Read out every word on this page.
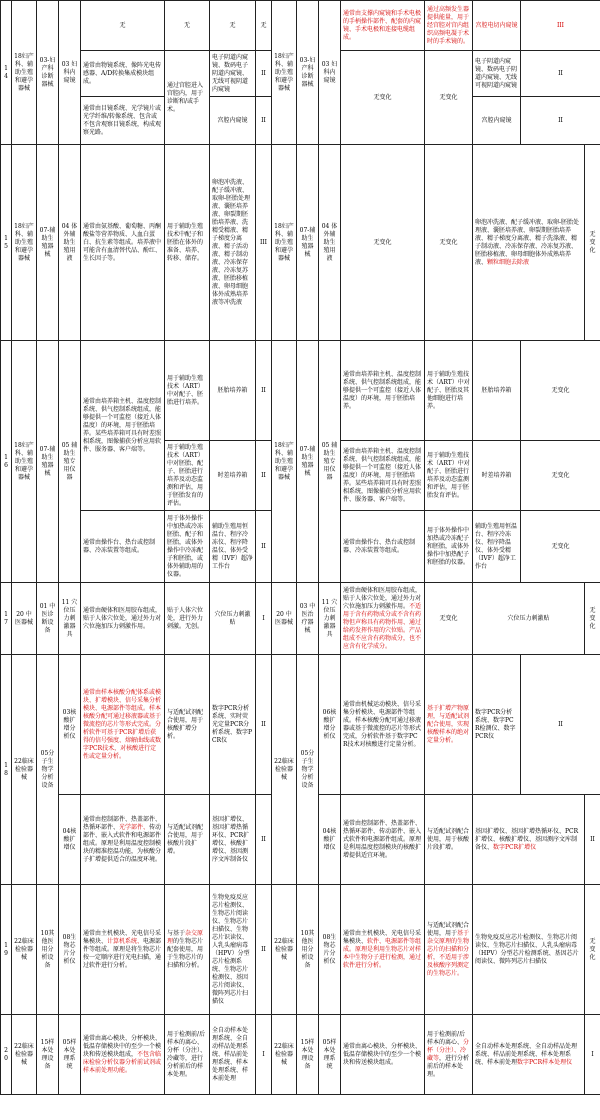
14	18妇产科、辅助生殖和避孕器械	03-妇产科诊断器械	03 妇科内窥镜	无	无	无	无	18妇产科、辅助生殖和避孕器械	03-妇产科诊断器械	03 妇科内窥镜	通常由支撑内窥镜和手术电极的手柄操作部件、配套的内窥镜、手术电极和连接电缆组成。	通过高频发生器提供能量，用于经宫腔对宫内组织高频电凝于术时的手术镜的。	宫腔电切内窥镜	III	
				通常由物镜系统、像阵光电传感器、A/D转换集成模块组成。	通过宫腔进入宫腔内，用于诊断和/或手术。	电子阴道内窥镜、数码电子阴道内窥镜、无线可视阴道内窥镜	II				无变化	无变化	电子阴道内窥镜、数码电子阴道内窥镜、无线可视阴道内窥镜	II	
				通常由目镜系统、光学镜片或光学纤维/转像系统、包含或不包含观察目镜系统，构成观察光路。		宫腔内窥镜	II						宫腔内窥镜	II	
15	18妇产科、辅助生殖和避孕器械	07-辅助生殖器械	04 体外辅助生殖用液	通常由氨基酸、葡萄糖、丙酮酸盐等营养物质、人血白蛋白、抗生素等组成。培养液中可能含有血清替代品、酚红、生长因子等。	用于辅助生殖技术中配子和胚胎在体外的准备、培养、转移、储存。	卵泡冲洗液、配子缓冲液、取卵-胚胎处理液、囊胚培养液、卵裂期胚胎培养液、洗精受精液、精子梯度分离液、精子活动液、精子制动液、冷冻保存液、冷冻复苏液、胚胎移植液、卵母细胞体外成熟培养液等冲洗液	III	18妇产科、辅助生殖和避孕器械	07-辅助生殖器械	04 体外辅助生殖用液	无变化	无变化	卵泡冲洗液、配子缓冲液、取卵-胚胎处理液、囊胚培养液、卵裂期胚胎培养液、精子梯度分离液、精子洗涤液、精子制动液、冷冻保存液、冷冻复苏液、胚胎移植液、卵母细胞体外成熟培养液、颗粒细胞去除液		无变化
16	18妇产科、辅助生殖和避孕器械	07-辅助生殖器械	05 辅助生殖专用仪器	通常由培养箱主机、温度控制系统、供气控制系统组成，能够提供一个可监控（接近人体温度）的环境，用于胚胎培养。某些培养箱可具有时差照相系统，图像捕获分析应用软件、服务器、客户端等。	用于辅助生殖技术（ART）中对配子、胚胎进行培养。	胚胎培养箱	II	18妇产科、辅助生殖和避孕器械	07-辅助生殖器械	05 辅助生殖专用仪器	通常由培养箱主机、温度控制系统、供气控制系统组成，能够提供一个可监控（接近人体温度）的环境，用于胚胎培养。	用于辅助生殖技术（ART）中对配子、胚胎及其他细胞进行培养。	胚胎培养箱	无变化	
					用于辅助生殖技术（ART）中对胚胎、配子、胚胎进行培养及动态监测和评估，用于胚胎发育的评估。	时差培养箱	II				通常由培养箱主机、温度控制系统、供气控制系统组成，能够提供一个可监控（接近人体温度）的环境，用于胚胎培养。某些培养箱可具有时差照相系统，图像捕获分析应用软件、服务器、客户端等。	用于辅助生殖技术（ART）中对配子、胚胎进行培养及动态监测和评估，用于胚胎发育评估。	时差培养箱	无变化	
				通常由操作台、热台或控制器、冷冻装置等组成。	用于体外操作中加热或冷冻胚胎、配子和胚胎，或体外操作中冷冻配子和胚胎，或体外辅助用的仪器。	辅助生殖用恒温台、程序冷冻仪、程序降温仪、体外受精（IVF）超净工作台	II				通常由操作台、热台或控制器、冷冻装置等组成。	用于体外操作中加热或冷冻配子和胚胎，或体外操作中加热配子和胚胎的仪器。	辅助生殖用恒温台、程序冷冻仪、程序降温仪、体外受精（IVF）超净工作台	无变化	
17	20 中医器械	01 中医诊断设备	11 穴位压力刺激器具	通常由硬体和医用胶布组成，贴于人体穴位处，通过外力对穴位施加压力刺激作用。	贴于人体穴位处，进行外力刺激。无创。	穴位压力刺激贴	I	20 中医器械	03 中医治疗器械	11 穴位压力刺激器具	通常由硬体和医用胶布组成，贴于人体穴位处，通过外力对穴位施加压力刺激作用。不适用于含有药物成分或不含有药物但声称具有药物作用、通过给药发挥作用的穴位贴。产品组成不应含有药物成分，也不应含有化学成分。	无变化	穴位压力刺激贴		无变化
18	22临床检验器械	05分子生物学分析设备	03核酸扩增分析仪	通常由样本核酸分配体系或模块、扩增模块、信号采集分析模块、电源部件等组成。样本核酸分配可通过移液器或基于微流控的芯片等形式完成。分析软件可基于PCR扩增后获得的信号强度、熔解曲线或数字PCR技术，对核酸进行定性或定量分析。	与适配试剂配合使用，用于核酸扩增分析。	数字PCR分析系统、实时荧光定量PCR分析系统、数字PCR仪	II	22临床检验器械	05分子生物学分析设备	06核酸扩增分析仪	通常由机械运动模块、信号采集分析模块、电源部件等组成。样本核酸分配可通过移液器或基于微流控的芯片等形式完成，分析软件基于数字PCR技术对核酸进行定量分析。	基于扩增产物原理，与适配试剂配合使用，实现核酸样本的绝对定量分析。	数字PCR分析系统、数字PCR检测仪、数字PCR仪	II	
			04核酸扩增仪	通常由控制部件、热盖部件、热循环部件、光学部件、传动部件、嵌入式软件和电源部件组成。原理是利用温度控制模块的精准控温功能，为核酸分子扩增提供适合的温度环境。	与适配试剂配合使用，用于核酸片段扩增。	基因扩增仪、基因扩增热循环仪、PCR扩增仪、核酸扩增仪、基因测序文库制备仪	II			04核酸扩增仪	通常由控制部件、热盖部件、热循环部件、传动部件、嵌入式软件和电源部件组成。原理是利用温度控制模块的核酸扩增提供适宜环境。	与适配试剂配合使用，用于核酸片段扩增。	基因扩增仪、基因扩增热循环仪、PCR扩增仪、核酸扩增仪、基因测序文库制备仪、数字PCR扩增仪		II
19	22临床检验器械	10其他医用分析设备	08生物芯片分析仪	通常由主机模块、光电信号采集模块、计算机系统、电源部件等组成。原理是将生物芯片按一定顺序进行光电扫描，通过软件进行分析。	与基于杂交原理的生物芯片配套使用，用于生物芯片的扫描和分析。	生物免疫反应芯片检测仪、生物芯片阅读仪、生物芯片扫描仪、生物芯片识读仪、人乳头瘤病毒（HPV）分型芯片检测系统、生物芯片检测仪、基因芯片阅读仪、微阵列芯片扫描仪	II	22临床检验器械	10其他医用分析设备	08生物芯片分析仪	通常由主机模块、光电信号采集模块、软件、电源部件等组成。原理是利用生物芯片对样本中生物分子进行检测，通过软件进行分析。	与适配试剂配合使用，用于基于杂交原理的生物芯片的扫描和分析，不适用于涉及核酸序列测定的生物芯片。	生物免疫反应芯片检测仪、生物芯片阅读仪、生物芯片扫描仪、人乳头瘤病毒（HPV）分型芯片检测系统、基因芯片阅读仪、微阵列芯片扫描仪		无变化
20	22临床检验器械	15样本处理设备	05样本处理系统	通常由离心模块、分杯模块、低温存储模块中的至少一个模块和传送模块组成，不包含临床检验分析仪器分析前试剂或样本前处理功能。	用于检测前/后样本的离心、分杯（分注）、冷藏等，进行分析前后的样本处理。	全自动样本处理系统、全自动样品处理系统、样品前处理系统、样本处理系统、样本前处理	I	22临床检验器械	15样本处理设备	05样本处理系统	通常由离心模块、分杯模块、低温存储模块中的至少一个模块和传送模块组成。	用于检测前/后样本的离心、分杯（分注）、冷藏等，进行分析前后的样本处理。	全自动样本处理系统、全自动样品处理系统、样品前处理系统、样本处理系统、样本前处理数字PCR样本处理仪		I
